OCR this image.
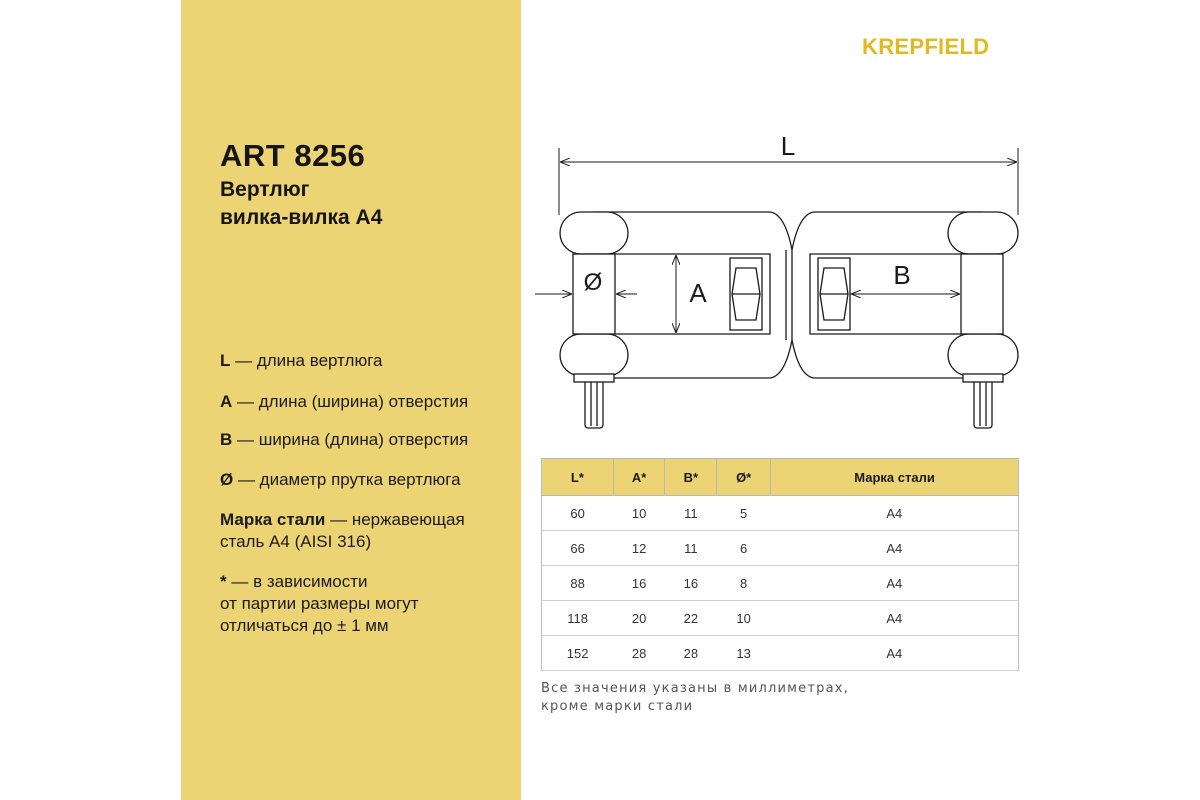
ART 8256
Вертлюг
вилка-вилка А4
L — длина вертлюга
A — длина (ширина) отверстия
B — ширина (длина) отверстия
Ø — диаметр прутка вертлюга
Марка стали — нержавеющая
сталь А4 (AISI 316)
* — в зависимости
от партии размеры могут
отличаться до ± 1 мм
KREPFIELD
L
A
B
Ø
L*	A*	B*	Ø*	Марка стали
60	10	11	5	A4
66	12	11	6	A4
88	16	16	8	A4
118	20	22	10	A4
152	28	28	13	A4
Все значения указаны в миллиметрах,
кроме марки стали
